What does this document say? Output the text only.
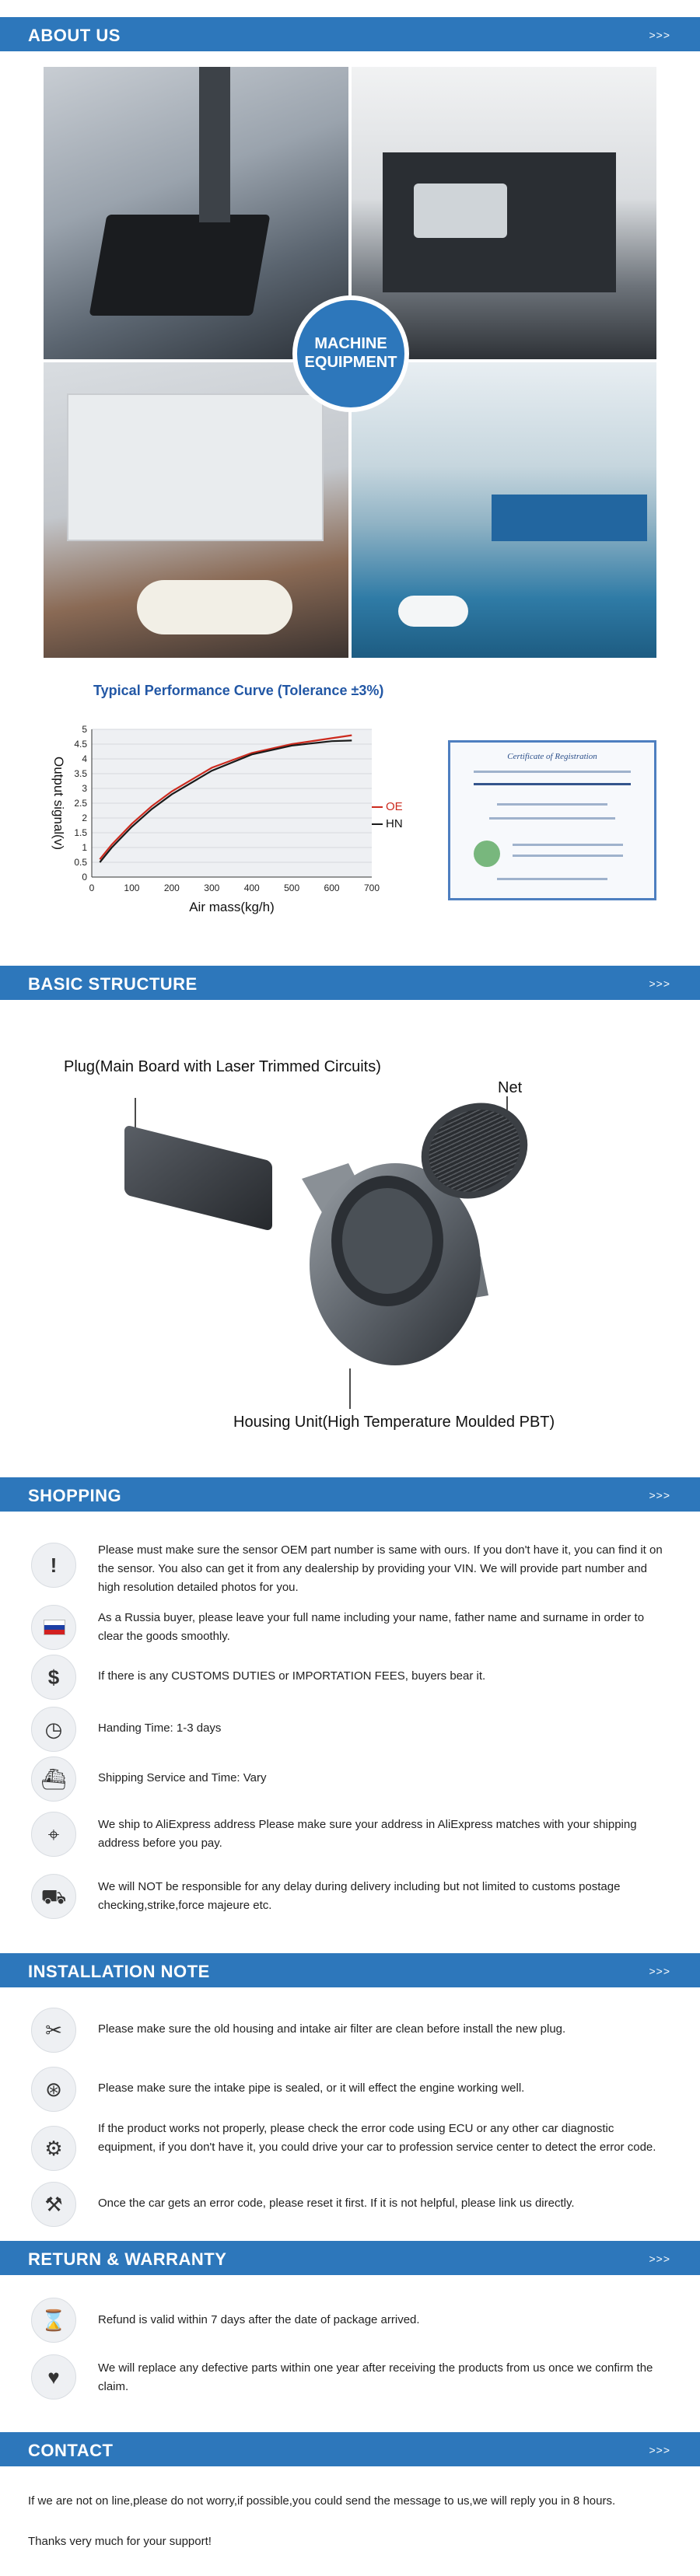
ABOUT US	>>>
MACHINE
EQUIPMENT
Typical Performance Curve (Tolerance ±3%)
0
0.5
1
1.5
2
2.5
3
3.5
4
4.5
5
0	100	200	300	400	500	600	700
OE
HN
Air mass(kg/h)
Output signal(v)	Certificate of Registration
BASIC STRUCTURE	>>>
Plug(Main Board with Laser Trimmed Circuits)
Net
Housing Unit(High Temperature Moulded PBT)
SHOPPING	>>>
!
Please must make sure the sensor OEM part number is same with ours. If you don't have it, you can find it on the sensor. You also can get it from any dealership by providing your VIN. We will provide part number and high resolution detailed photos for you.
As a Russia buyer, please leave your full name including your name, father name and surname in order to clear the goods smoothly.
$	If there is any CUSTOMS DUTIES or IMPORTATION FEES, buyers bear it.
◷	Handing Time: 1-3 days
⛴	Shipping Service and Time: Vary
⌖	We ship to AliExpress address Please make sure your address in AliExpress matches with your shipping address before you pay.
⛟	We will NOT be responsible for any delay during delivery including but not limited to customs postage checking,strike,force majeure etc.
INSTALLATION NOTE	>>>
✂	Please make sure the old housing and intake air filter are clean before install the new plug.
⊛	Please make sure the intake pipe is sealed, or it will effect the engine working well.
⚙
If the product works not properly, please check the error code using ECU or any other car diagnostic equipment, if you don't have it, you could drive your car to profession service center to detect the error code.
⚒	Once the car gets an error code, please reset it first. If it is not helpful, please link us directly.
RETURN & WARRANTY	>>>
⌛	Refund is valid within 7 days after the date of package arrived.
♥	We will replace any defective parts within one year after receiving the products from us once we confirm the claim.
CONTACT	>>>
If we are not on line,please do not worry,if possible,you could send the message to us,we will reply you in 8 hours.
Thanks very much for your support!
